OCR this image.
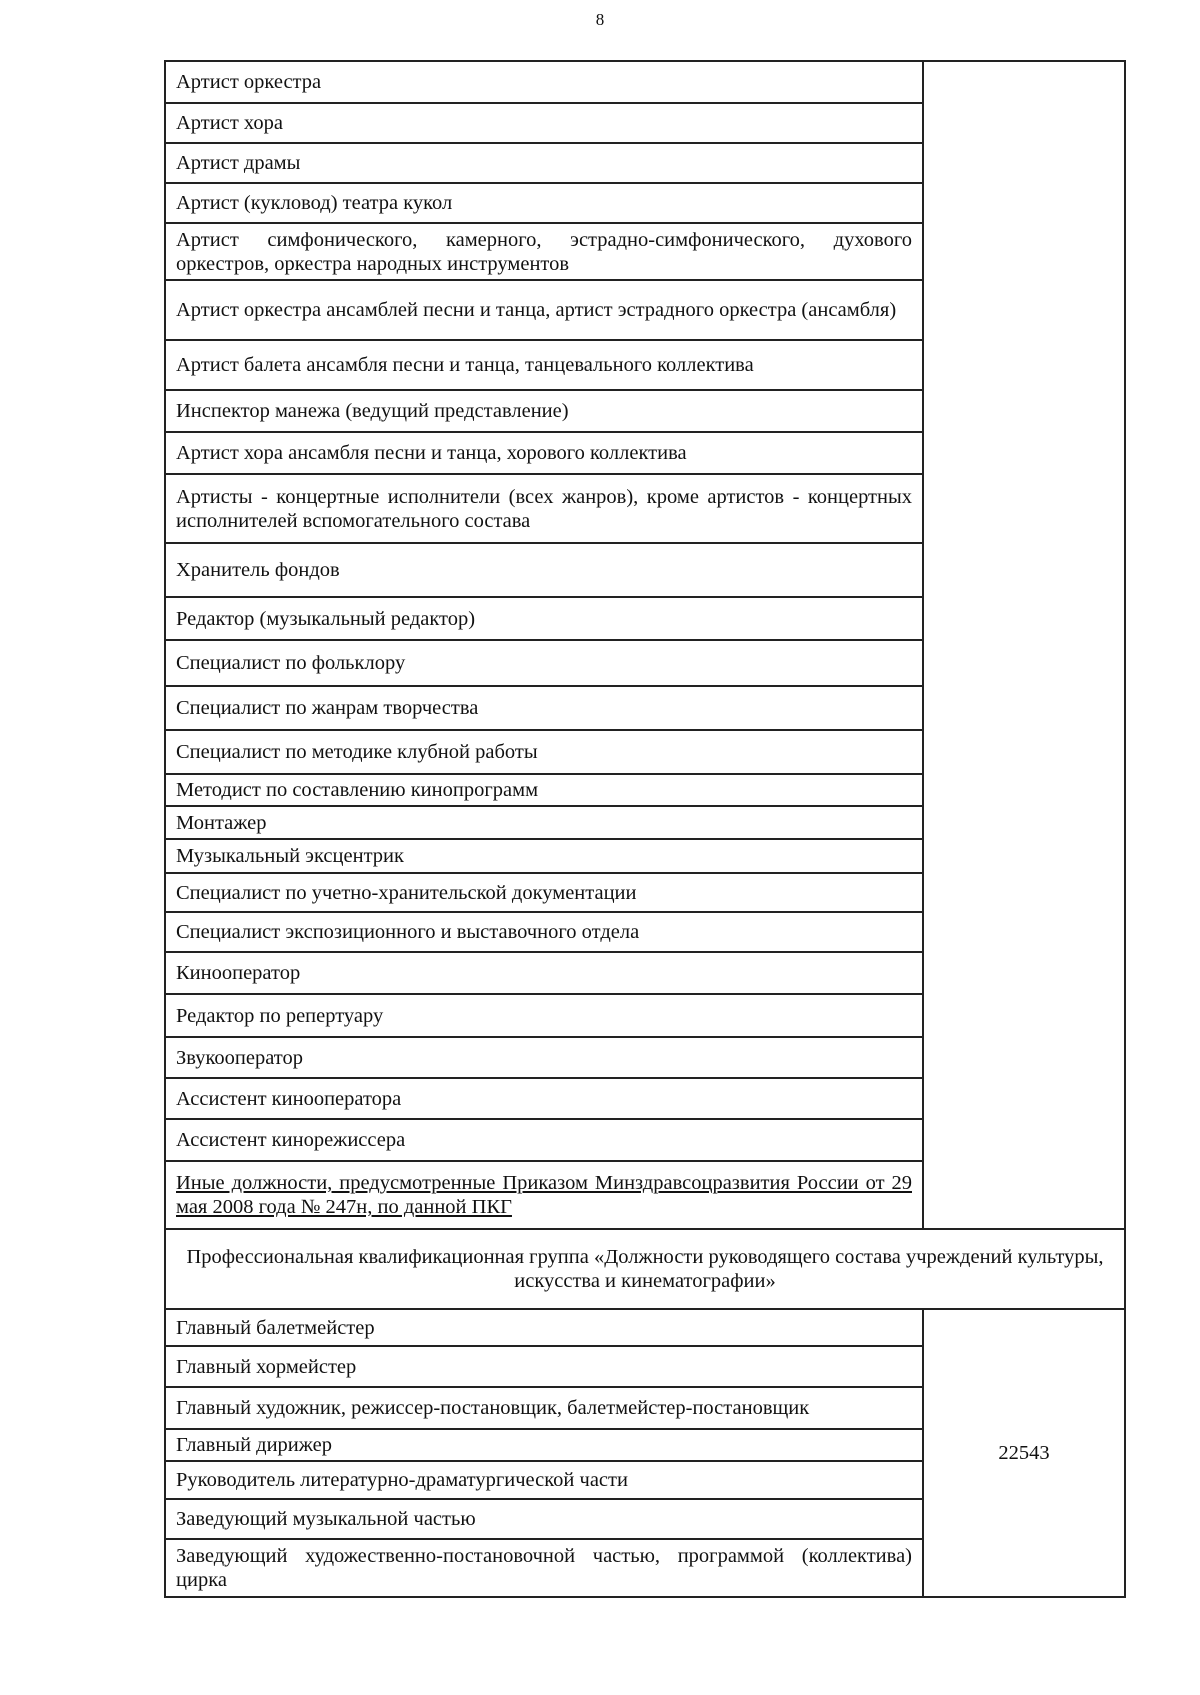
8
Артист оркестра	
Артист хора	
Артист драмы	
Артист (кукловод) театра кукол	
Артист симфонического, камерного, эстрадно-симфонического, духового оркестров, оркестра народных инструментов	
Артист оркестра ансамблей песни и танца, артист эстрадного оркестра (ансамбля)	
Артист балета ансамбля песни и танца, танцевального коллектива	
Инспектор манежа (ведущий представление)	
Артист хора ансамбля песни и танца, хорового коллектива	
Артисты - концертные исполнители (всех жанров), кроме артистов - концертных исполнителей вспомогательного состава	
Хранитель фондов	
Редактор (музыкальный редактор)	
Специалист по фольклору	
Специалист по жанрам творчества	
Специалист по методике клубной работы	
Методист по составлению кинопрограмм	
Монтажер	
Музыкальный эксцентрик	
Специалист по учетно-хранительской документации	
Специалист экспозиционного и выставочного отдела	
Кинооператор	
Редактор по репертуару	
Звукооператор	
Ассистент кинооператора	
Ассистент кинорежиссера	
Иные должности, предусмотренные Приказом Минздравсоцразвития России от 29 мая 2008 года № 247н, по данной ПКГ	
Профессиональная квалификационная группа «Должности руководящего состава учреждений культуры, искусства и кинематографии»	
Главный балетмейстер	22543
Главный хормейстер	
Главный художник, режиссер-постановщик, балетмейстер-постановщик	
Главный дирижер	
Руководитель литературно-драматургической части	
Заведующий музыкальной частью	
Заведующий художественно-постановочной частью, программой (коллектива) цирка	
